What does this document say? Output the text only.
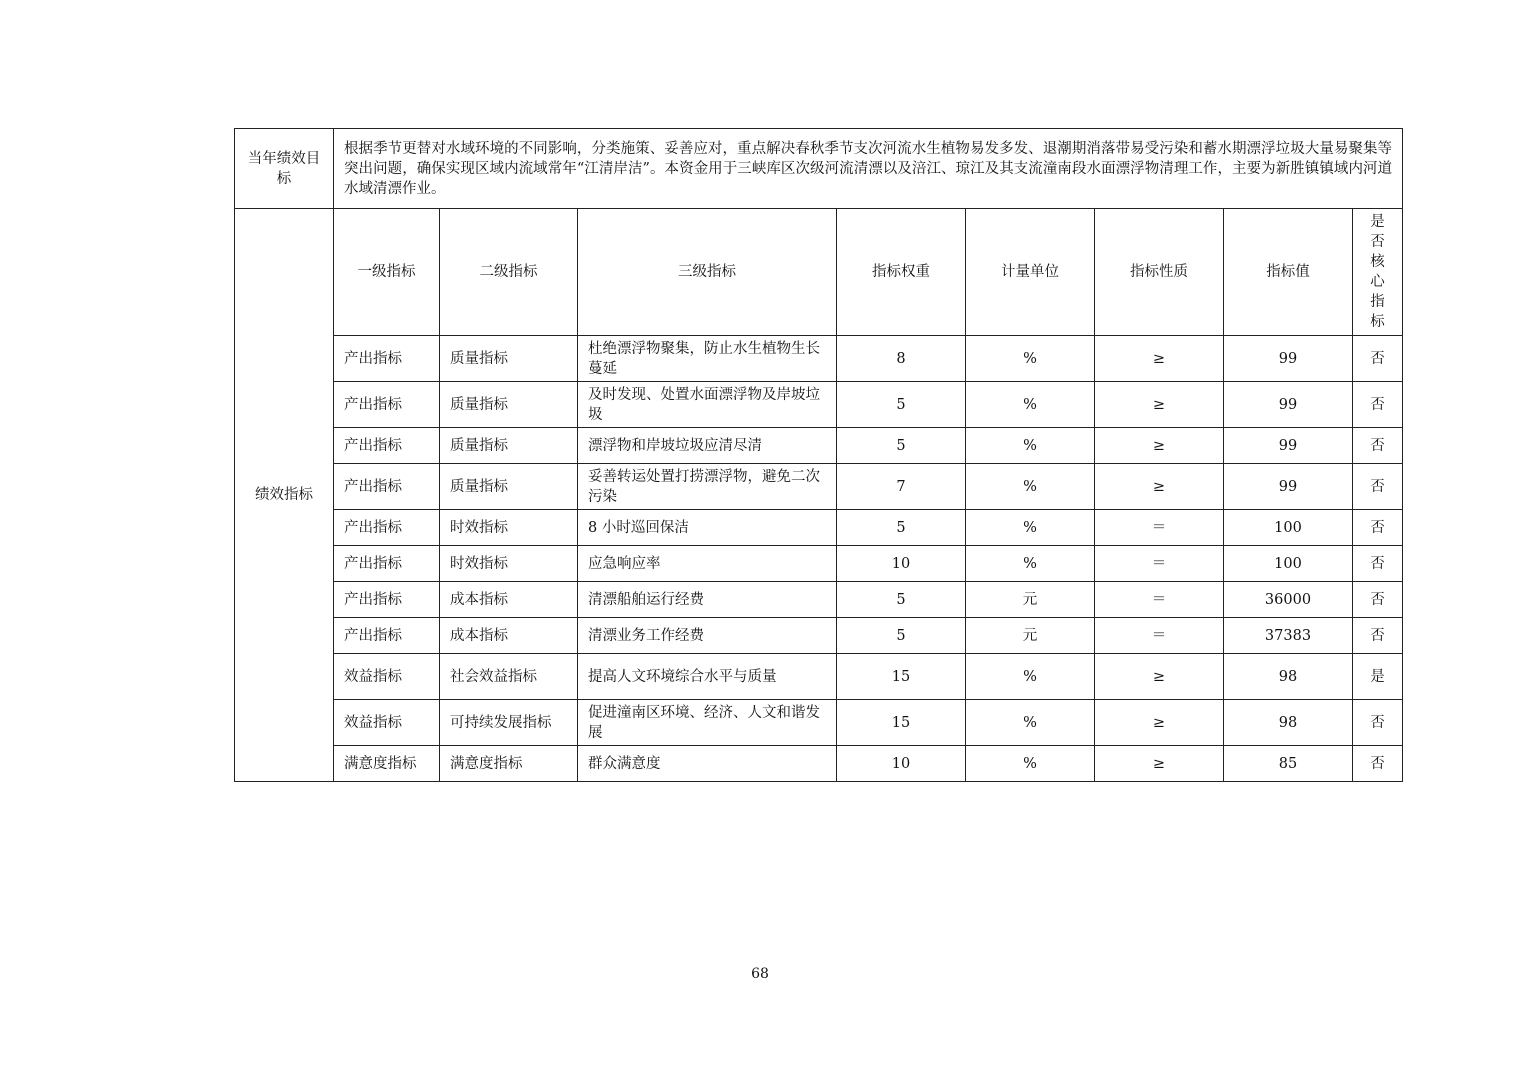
当年绩效目标	根据季节更替对水域环境的不同影响，分类施策、妥善应对，重点解决春秋季节支次河流水生植物易发多发、退潮期消落带易受污染和蓄水期漂浮垃圾大量易聚集等突出问题，确保实现区域内流域常年“江清岸洁”。本资金用于三峡库区次级河流清漂以及涪江、琼江及其支流潼南段水面漂浮物清理工作，主要为新胜镇镇域内河道水域清漂作业。							
绩效指标	一级指标	二级指标	三级指标	指标权重	计量单位	指标性质	指标值	是否核心指标
	产出指标	质量指标	杜绝漂浮物聚集，防止水生植物生长蔓延	8	%	≥	99	否
	产出指标	质量指标	及时发现、处置水面漂浮物及岸坡垃圾	5	%	≥	99	否
	产出指标	质量指标	漂浮物和岸坡垃圾应清尽清	5	%	≥	99	否
	产出指标	质量指标	妥善转运处置打捞漂浮物，避免二次污染	7	%	≥	99	否
	产出指标	时效指标	8 小时巡回保洁	5	%	＝	100	否
	产出指标	时效指标	应急响应率	10	%	＝	100	否
	产出指标	成本指标	清漂船舶运行经费	5	元	＝	36000	否
	产出指标	成本指标	清漂业务工作经费	5	元	＝	37383	否
	效益指标	社会效益指标	提高人文环境综合水平与质量	15	%	≥	98	是
	效益指标	可持续发展指标	促进潼南区环境、经济、人文和谐发展	15	%	≥	98	否
	满意度指标	满意度指标	群众满意度	10	%	≥	85	否
68
